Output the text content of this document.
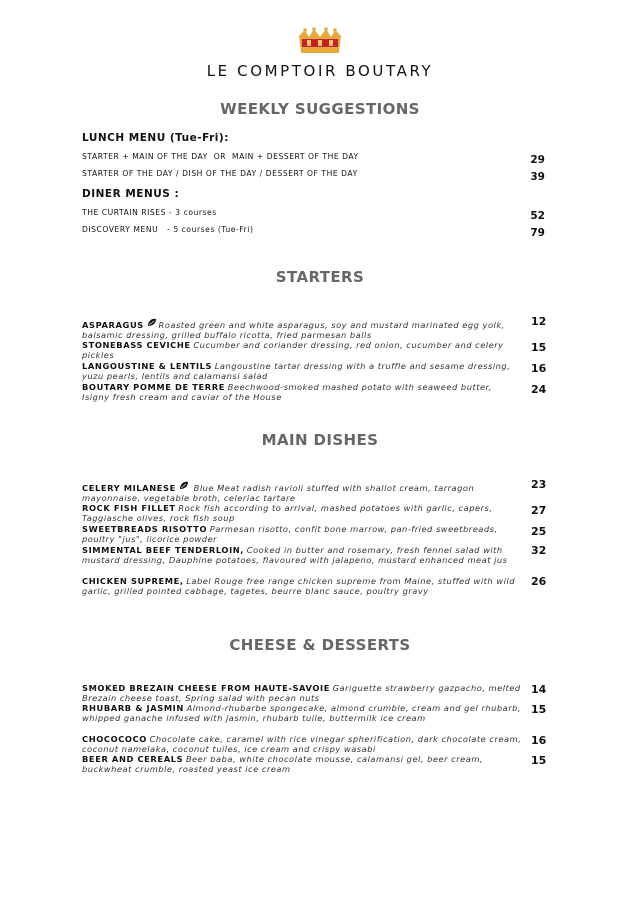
LE COMPTOIR BOUTARY
WEEKLY SUGGESTIONS
LUNCH MENU (Tue-Fri):
STARTER + MAIN OF THE DAY  OR  MAIN + DESSERT OF THE DAY	29
STARTER OF THE DAY / DISH OF THE DAY / DESSERT OF THE DAY	39
DINER MENUS :
THE CURTAIN RISES - 3 courses	52
DISCOVERY MENU   - 5 courses (Tue-Fri)	79
STARTERS
ASPARAGUS Roasted green and white asparagus, soy and mustard marinated egg yolk, balsamic dressing, grilled buffalo ricotta, fried parmesan balls
12
STONEBASS CEVICHE Cucumber and coriander dressing, red onion, cucumber and celery pickles
15
LANGOUSTINE & LENTILS Langoustine tartar dressing with a truffle and sesame dressing, yuzu pearls, lentils and calamansi salad
16
BOUTARY POMME DE TERRE Beechwood-smoked mashed potato with seaweed butter, Isigny fresh cream and caviar of the House
24
MAIN DISHES
CELERY MILANESE  Blue Meat radish ravioli stuffed with shallot cream, tarragon mayonnaise, vegetable broth, celeriac tartare
23
ROCK FISH FILLET Rock fish according to arrival, mashed potatoes with garlic, capers, Taggiasche olives, rock fish soup
27
SWEETBREADS RISOTTO Parmesan risotto, confit bone marrow, pan-fried sweetbreads, poultry "jus", licorice powder
25
SIMMENTAL BEEF TENDERLOIN, Cooked in butter and rosemary, fresh fennel salad with mustard dressing, Dauphine potatoes, flavoured with jalapeno, mustard enhanced meat jus
32
CHICKEN SUPREME, Label Rouge free range chicken supreme from Maine, stuffed with wild garlic, grilled pointed cabbage, tagetes, beurre blanc sauce, poultry gravy
26
CHEESE & DESSERTS
SMOKED BREZAIN CHEESE FROM HAUTE-SAVOIE Gariguette strawberry gazpacho, melted Brezain cheese toast, Spring salad with pecan nuts
14
RHUBARB & JASMIN Almond-rhubarbe spongecake, almond crumble, cream and gel rhubarb, whipped ganache infused with jasmin, rhubarb tuile, buttermilk ice cream
15
CHOCOCOCO Chocolate cake, caramel with rice vinegar spherification, dark chocolate cream, coconut namelaka, coconut tuiles, ice cream and crispy wasabi
16
BEER AND CEREALS Beer baba, white chocolate mousse, calamansi gel, beer cream, buckwheat crumble, roasted yeast ice cream
15
